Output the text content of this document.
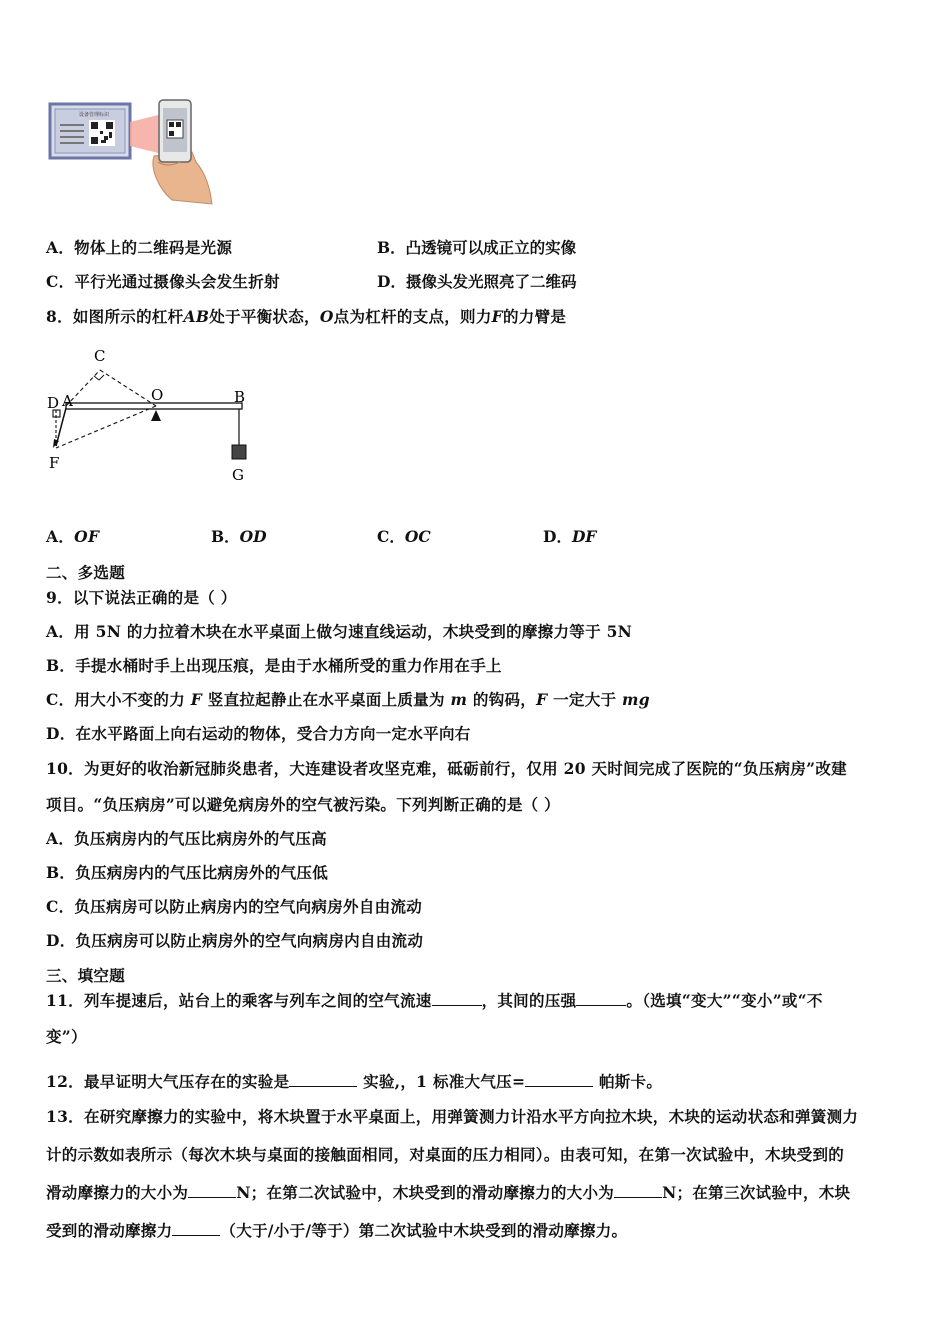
设备管理标识
A．物体上的二维码是光源	B．凸透镜可以成正立的实像
C．平行光通过摄像头会发生折射	D．摄像头发光照亮了二维码
8．如图所示的杠杆AB处于平衡状态，O点为杠杆的支点，则力F的力臂是
C
D A	O	B
F
G
A．OF	B．OD	C．OC	D．DF
二、多选题
9．以下说法正确的是（ ）
A．用 5N 的力拉着木块在水平桌面上做匀速直线运动，木块受到的摩擦力等于 5N
B．手提水桶时手上出现压痕，是由于水桶所受的重力作用在手上
C．用大小不变的力 F 竖直拉起静止在水平桌面上质量为 m 的钩码，F 一定大于 mg
D．在水平路面上向右运动的物体，受合力方向一定水平向右
10．为更好的收治新冠肺炎患者，大连建设者攻坚克难，砥砺前行，仅用 20 天时间完成了医院的“负压病房”改建
项目。“负压病房”可以避免病房外的空气被污染。下列判断正确的是（ ）
A．负压病房内的气压比病房外的气压高
B．负压病房内的气压比病房外的气压低
C．负压病房可以防止病房内的空气向病房外自由流动
D．负压病房可以防止病房外的空气向病房内自由流动
三、填空题
11．列车提速后，站台上的乘客与列车之间的空气流速	，其间的压强	。（选填“变大”“变小”或“不
变”）
12．最早证明大气压存在的实验是	实验,，1 标准大气压=	帕斯卡。
13．在研究摩擦力的实验中，将木块置于水平桌面上，用弹簧测力计沿水平方向拉木块，木块的运动状态和弹簧测力
计的示数如表所示（每次木块与桌面的接触面相同，对桌面的压力相同）。由表可知，在第一次试验中，木块受到的
滑动摩擦力的大小为	N；在第二次试验中，木块受到的滑动摩擦力的大小为	N；在第三次试验中，木块
受到的滑动摩擦力	（大于/小于/等于）第二次试验中木块受到的滑动摩擦力。
